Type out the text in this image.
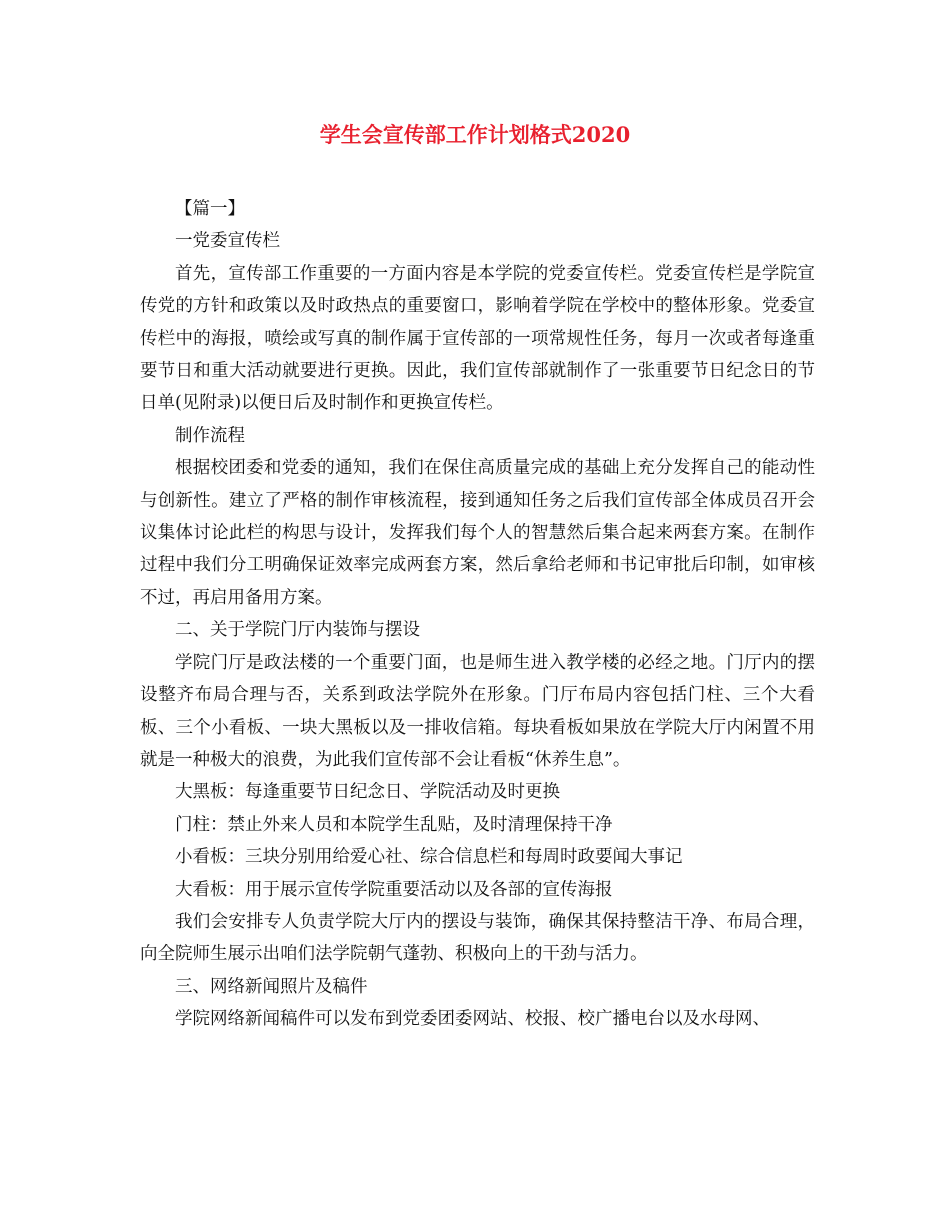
学生会宣传部工作计划格式2020

【篇一】

一党委宣传栏

首先，宣传部工作重要的一方面内容是本学院的党委宣传栏。党委宣传栏是学院宣传党的方针和政策以及时政热点的重要窗口，影响着学院在学校中的整体形象。党委宣传栏中的海报，喷绘或写真的制作属于宣传部的一项常规性任务，每月一次或者每逢重要节日和重大活动就要进行更换。因此，我们宣传部就制作了一张重要节日纪念日的节日单(见附录)以便日后及时制作和更换宣传栏。

制作流程

根据校团委和党委的通知，我们在保住高质量完成的基础上充分发挥自己的能动性与创新性。建立了严格的制作审核流程，接到通知任务之后我们宣传部全体成员召开会议集体讨论此栏的构思与设计，发挥我们每个人的智慧然后集合起来两套方案。在制作过程中我们分工明确保证效率完成两套方案，然后拿给老师和书记审批后印制，如审核不过，再启用备用方案。

二、关于学院门厅内装饰与摆设

学院门厅是政法楼的一个重要门面，也是师生进入教学楼的必经之地。门厅内的摆设整齐布局合理与否，关系到政法学院外在形象。门厅布局内容包括门柱、三个大看板、三个小看板、一块大黑板以及一排收信箱。每块看板如果放在学院大厅内闲置不用就是一种极大的浪费，为此我们宣传部不会让看板“休养生息”。

大黑板：每逢重要节日纪念日、学院活动及时更换

门柱：禁止外来人员和本院学生乱贴，及时清理保持干净

小看板：三块分别用给爱心社、综合信息栏和每周时政要闻大事记

大看板：用于展示宣传学院重要活动以及各部的宣传海报

我们会安排专人负责学院大厅内的摆设与装饰，确保其保持整洁干净、布局合理，向全院师生展示出咱们法学院朝气蓬勃、积极向上的干劲与活力。

三、网络新闻照片及稿件

学院网络新闻稿件可以发布到党委团委网站、校报、校广播电台以及水母网、
